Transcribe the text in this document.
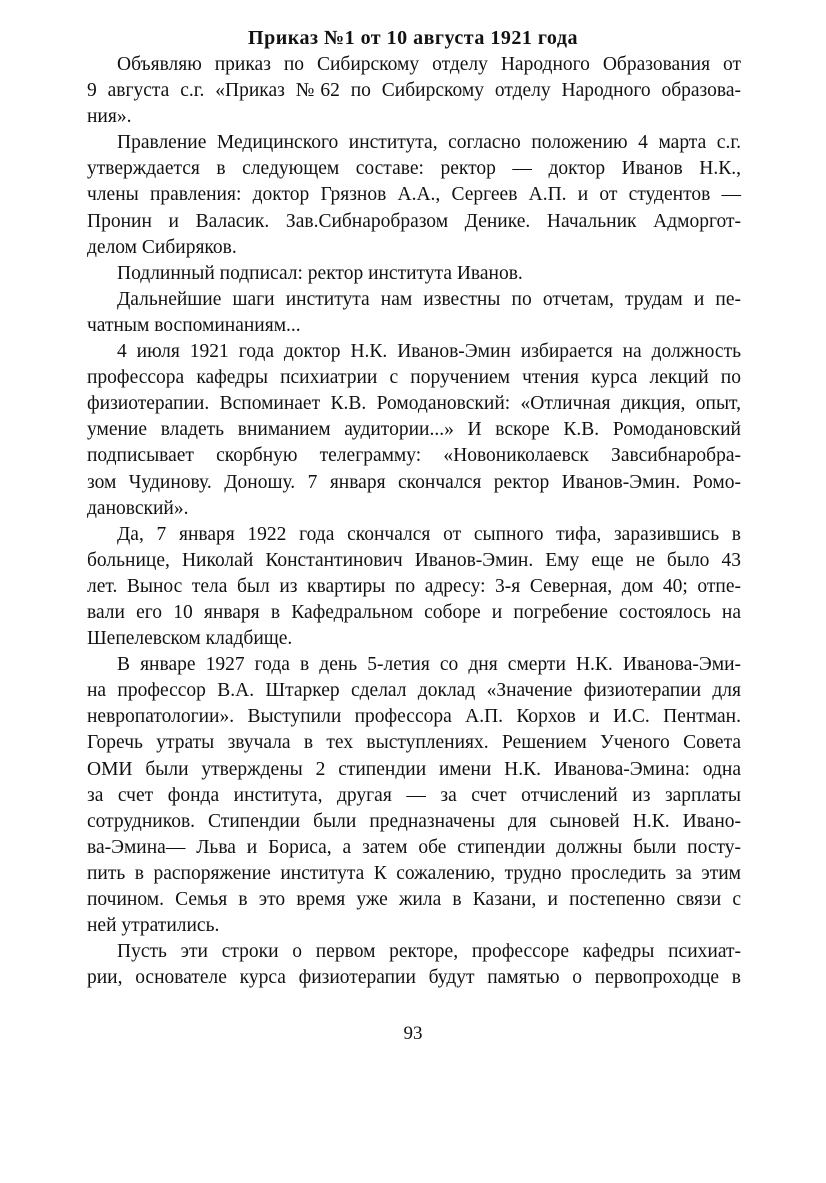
Приказ №1 от 10 августа 1921 года
Объявляю приказ по Сибирскому отделу Народного Образования от
9 августа с.г. «Приказ №62 по Сибирскому отделу Народного образова-
ния».
Правление Медицинского института, согласно положению 4 марта с.г.
утверждается в следующем составе: ректор — доктор Иванов Н.К.,
члены правления: доктор Грязнов А.А., Сергеев А.П. и от студентов —
Пронин и Валасик. Зав.Сибнаробразом Денике. Начальник Адморгот-
делом Сибиряков.
Подлинный подписал: ректор института Иванов.
Дальнейшие шаги института нам известны по отчетам, трудам и пе-
чатным воспоминаниям...
4 июля 1921 года доктор Н.К. Иванов-Эмин избирается на должность
профессора кафедры психиатрии с поручением чтения курса лекций по
физиотерапии. Вспоминает К.В. Ромодановский: «Отличная дикция, опыт,
умение владеть вниманием аудитории...» И вскоре К.В. Ромодановский
подписывает скорбную телеграмму: «Новониколаевск Завсибнаробра-
зом Чудинову. Доношу. 7 января скончался ректор Иванов-Эмин. Ромо-
дановский».
Да, 7 января 1922 года скончался от сыпного тифа, заразившись в
больнице, Николай Константинович Иванов-Эмин. Ему еще не было 43
лет. Вынос тела был из квартиры по адресу: 3-я Северная, дом 40; отпе-
вали его 10 января в Кафедральном соборе и погребение состоялось на
Шепелевском кладбище.
В январе 1927 года в день 5-летия со дня смерти Н.К. Иванова-Эми-
на профессор В.А. Штаркер сделал доклад «Значение физиотерапии для
невропатологии». Выступили профессора А.П. Корхов и И.С. Пентман.
Горечь утраты звучала в тех выступлениях. Решением Ученого Совета
ОМИ были утверждены 2 стипендии имени Н.К. Иванова-Эмина: одна
за счет фонда института, другая — за счет отчислений из зарплаты
сотрудников. Стипендии были предназначены для сыновей Н.К. Ивано-
ва-Эмина— Льва и Бориса, а затем обе стипендии должны были посту-
пить в распоряжение института К сожалению, трудно проследить за этим
почином. Семья в это время уже жила в Казани, и постепенно связи с
ней утратились.
Пусть эти строки о первом ректоре, профессоре кафедры психиат-
рии, основателе курса физиотерапии будут памятью о первопроходце в
93
